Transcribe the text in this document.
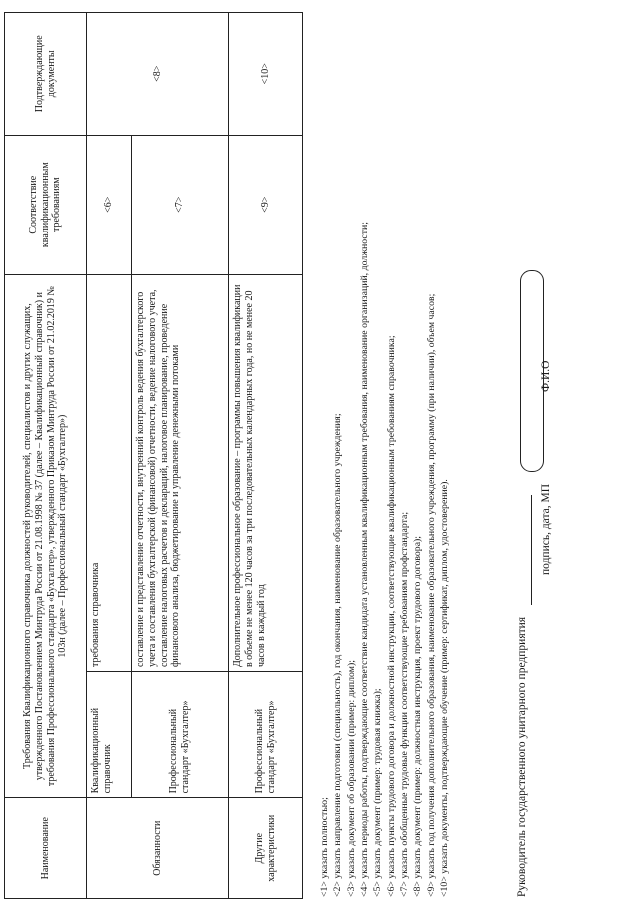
Наименование	Требования Квалификационного справочника должностей руководителей, специалистов и других служащих, утвержденного Постановлением Минтруда России от 21.08.1998 № 37 (далее – Квалификационный справочник) и требования Профессионального стандарта «Бухгалтер», утвержденного Приказом Минтруда России от 21.02.2019 № 103н (далее – Профессиональный стандарт «Бухгалтер»)		Соответствие квалификационным требованиям	Подтверждающие документы
Обязанности	Квалификационный справочник	требования справочника	<6>	<8>
	Профессиональный стандарт «Бухгалтер»	составление и представление отчетности, внутренний контроль ведения бухгалтерского учета и составления бухгалтерской (финансовой) отчетности, ведение налогового учета, составление налоговых расчетов и деклараций, налоговое планирование, проведение финансового анализа, бюджетирование и управление денежными потоками	<7>	
Другие характеристики	Профессиональный стандарт «Бухгалтер»	Дополнительное профессиональное образование – программы повышения квалификации в объеме не менее 120 часов за три последовательных календарных года, но не менее 20 часов в каждый год	<9>	<10>
<1> указать полностью; <2> указать направление подготовки (специальность), год окончания, наименование образовательного учреждения; <3> указать документ об образовании (пример: диплом); <4> указать периоды работы, подтверждающие соответствие кандидата установленным квалификационным требования, наименование организаций, должности; <5> указать документ (пример: трудовая книжка); <6> указать пункты трудового договора и должностной инструкции, соответствующие квалификационным требованиям справочника; <7> указать обобщенные трудовые функции соответствующие требованиям профстандарта; <8> указать документ (пример: должностная инструкция, проект трудового договора); <9> указать год получения дополнительного образования, наименование образовательного учреждения, программу (при наличии), объем часов; <10> указать документы, подтверждающие обучение (пример: сертификат, диплом, удостоверение).	Руководитель государственного унитарного предприятия
подпись, дата, МП
Ф.И.О
